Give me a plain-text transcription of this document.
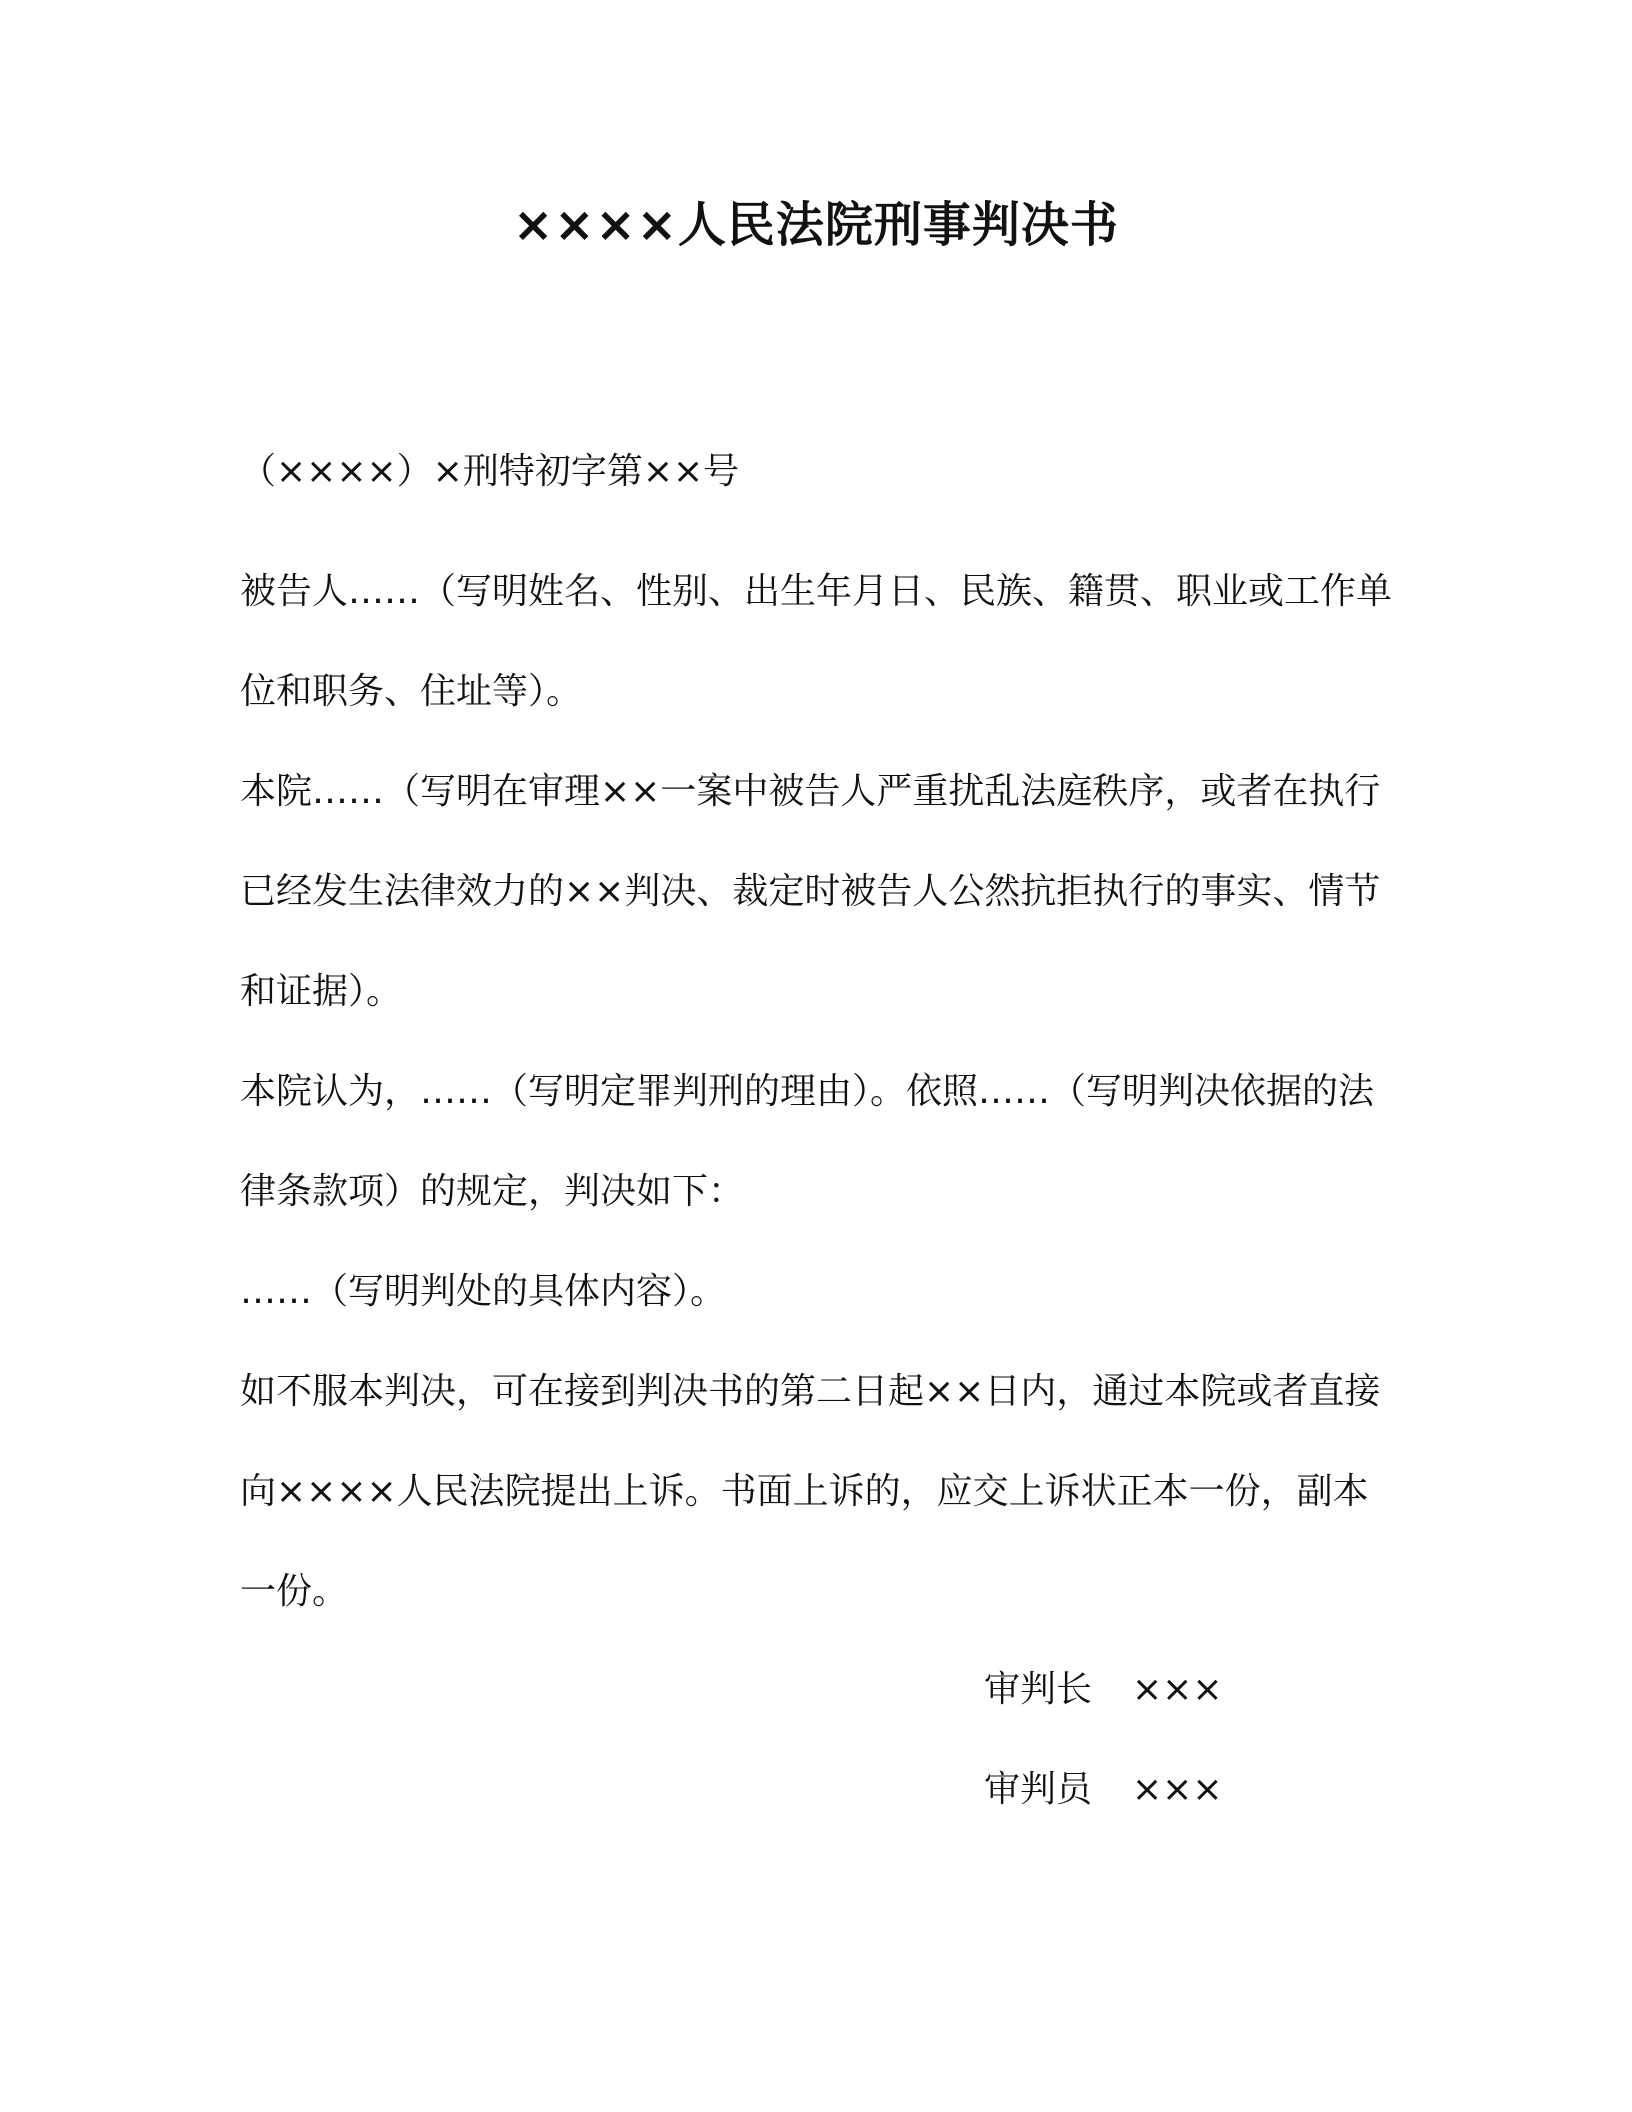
××××人民法院刑事判决书
（××××）×刑特初字第××号

被告人……（写明姓名、性别、出生年月日、民族、籍贯、职业或工作单位和职务、住址等）。

本院……（写明在审理××一案中被告人严重扰乱法庭秩序，或者在执行已经发生法律效力的××判决、裁定时被告人公然抗拒执行的事实、情节和证据）。

本院认为，……（写明定罪判刑的理由）。依照……（写明判决依据的法律条款项）的规定，判决如下：

……（写明判处的具体内容）。

如不服本判决，可在接到判决书的第二日起××日内，通过本院或者直接向××××人民法院提出上诉。书面上诉的，应交上诉状正本一份，副本一份。

审判长	×××
审判员	×××
